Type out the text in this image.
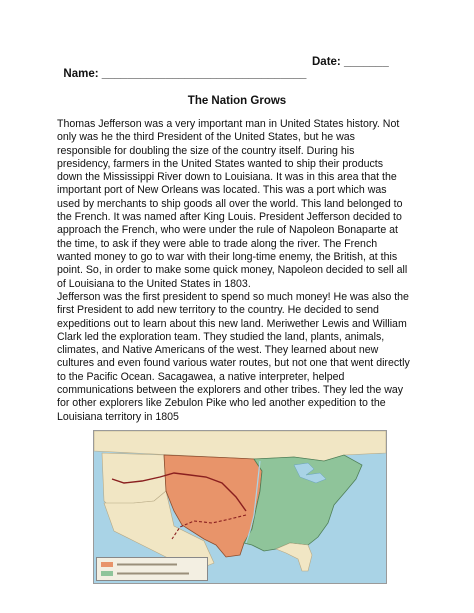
Name: ________________________________

Date: _______

The Nation Grows

Thomas Jefferson was a very important man in United States history. Not
only was he the third President of the United States, but he was
responsible for doubling the size of the country itself. During his
presidency, farmers in the United States wanted to ship their products
down the Mississippi River down to Louisiana. It was in this area that the
important port of New Orleans was located. This was a port which was
used by merchants to ship goods all over the world. This land belonged to
the French. It was named after King Louis. President Jefferson decided to
approach the French, who were under the rule of Napoleon Bonaparte at
the time, to ask if they were able to trade along the river. The French
wanted money to go to war with their long-time enemy, the British, at this
point. So, in order to make some quick money, Napoleon decided to sell all
of Louisiana to the United States in 1803.

Jefferson was the first president to spend so much money! He was also the
first President to add new territory to the country. He decided to send
expeditions out to learn about this new land. Meriwether Lewis and William
Clark led the exploration team. They studied the land, plants, animals,
climates, and Native Americans of the west. They learned about new
cultures and even found various water routes, but not one that went directly
to the Pacific Ocean. Sacagawea, a native interpreter, helped
communications between the explorers and other tribes. They led the way
for other explorers like Zebulon Pike who led another expedition to the
Louisiana territory in 1805
